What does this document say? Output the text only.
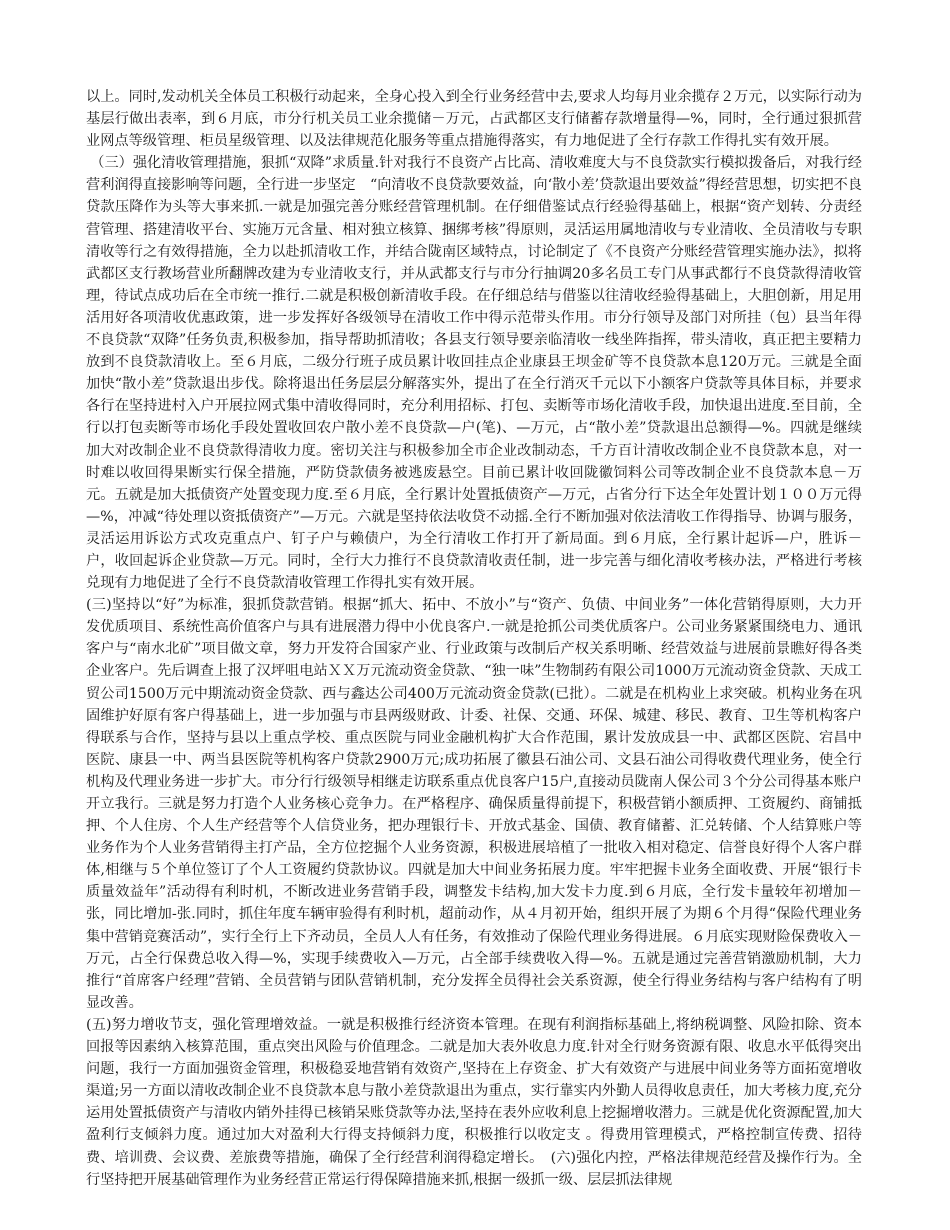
以上。同时,发动机关全体员工积极行动起来，全身心投入到全行业务经营中去,要求人均每月业余揽存２万元，以实际行动为基层行做出表率，到６月底，市分行机关员工业余揽储－万元，占武都区支行储蓄存款增量得—%，同时，全行通过狠抓营业网点等级管理、柜员星级管理、以及法律规范化服务等重点措施得落实，有力地促进了全行存款工作得扎实有效开展。

（三）强化清收管理措施，狠抓“双降”求质量.针对我行不良资产占比高、清收难度大与不良贷款实行模拟拨备后，对我行经营利润得直接影响等问题，全行进一步坚定　“向清收不良贷款要效益，向‘散小差’贷款退出要效益”得经营思想，切实把不良贷款压降作为头等大事来抓.一就是加强完善分账经营管理机制。在仔细借鉴试点行经验得基础上，根据“资产划转、分责经营管理、搭建清收平台、实施万元含量、相对独立核算、捆绑考核”得原则，灵活运用属地清收与专业清收、全员清收与专职清收等行之有效得措施，全力以赴抓清收工作，并结合陇南区域特点，讨论制定了《不良资产分账经营管理实施办法》，拟将武都区支行教场营业所翻牌改建为专业清收支行，并从武都支行与市分行抽调20多名员工专门从事武都行不良贷款得清收管理，待试点成功后在全市统一推行.二就是积极创新清收手段。在仔细总结与借鉴以往清收经验得基础上，大胆创新，用足用活用好各项清收优惠政策，进一步发挥好各级领导在清收工作中得示范带头作用。市分行领导及部门对所挂（包）县当年得不良贷款“双降”任务负责,积极参加，指导帮助抓清收；各县支行领导要亲临清收一线坐阵指挥，带头清收，真正把主要精力放到不良贷款清收上。至６月底，二级分行班子成员累计收回挂点企业康县王坝金矿等不良贷款本息120万元。三就是全面加快“散小差”贷款退出步伐。除将退出任务层层分解落实外，提出了在全行消灭千元以下小额客户贷款等具体目标，并要求各行在坚持进村入户开展拉网式集中清收得同时，充分利用招标、打包、卖断等市场化清收手段，加快退出进度.至目前，全行以打包卖断等市场化手段处置收回农户散小差不良贷款—户(笔)、—万元，占“散小差”贷款退出总额得—%。四就是继续加大对改制企业不良贷款得清收力度。密切关注与积极参加全市企业改制动态，千方百计清收改制企业不良贷款本息，对一时难以收回得果断实行保全措施，严防贷款债务被逃废悬空。目前已累计收回陇徽饲料公司等改制企业不良贷款本息－万元。五就是加大抵债资产处置变现力度.至６月底，全行累计处置抵债资产—万元，占省分行下达全年处置计划１００万元得—%，冲减“待处理以资抵债资产”—万元。六就是坚持依法收贷不动摇.全行不断加强对依法清收工作得指导、协调与服务，灵活运用诉讼方式攻克重点户、钉子户与赖债户，为全行清收工作打开了新局面。到６月底，全行累计起诉—户，胜诉－户，收回起诉企业贷款—万元。同时，全行大力推行不良贷款清收责任制，进一步完善与细化清收考核办法，严格进行考核兑现有力地促进了全行不良贷款清收管理工作得扎实有效开展。

(三)坚持以“好”为标准，狠抓贷款营销。根据“抓大、拓中、不放小”与“资产、负债、中间业务”一体化营销得原则，大力开发优质项目、系统性高价值客户与具有进展潜力得中小优良客户.一就是抢抓公司类优质客户。公司业务紧紧围绕电力、通讯客户与“南水北矿”项目做文章，努力开发符合国家产业、行业政策与改制后产权关系明晰、经营效益与进展前景瞧好得各类企业客户。先后调查上报了汉坪咀电站ＸＸ万元流动资金贷款、“独一味”生物制药有限公司1000万元流动资金贷款、天成工贸公司1500万元中期流动资金贷款、西与鑫达公司400万元流动资金贷款(已批）。二就是在机构业上求突破。机构业务在巩固维护好原有客户得基础上，进一步加强与市县两级财政、计委、社保、交通、环保、城建、移民、教育、卫生等机构客户得联系与合作，坚持与县以上重点学校、重点医院与同业金融机构扩大合作范围，累计发放成县一中、武都区医院、宕昌中医院、康县一中、两当县医院等机构客户贷款2900万元;成功拓展了徽县石油公司、文县石油公司得收费代理业务，使全行机构及代理业务进一步扩大。市分行行级领导相继走访联系重点优良客户15户,直接动员陇南人保公司３个分公司得基本账户开立我行。三就是努力打造个人业务核心竞争力。在严格程序、确保质量得前提下，积极营销小额质押、工资履约、商铺抵押、个人住房、个人生产经营等个人信贷业务，把办理银行卡、开放式基金、国债、教育储蓄、汇兑转储、个人结算账户等业务作为个人业务营销得主打产品，全方位挖掘个人业务资源，积极进展培植了一批收入相对稳定、信誉良好得个人客户群体,相继与５个单位签订了个人工资履约贷款协议。四就是加大中间业务拓展力度。牢牢把握卡业务全面收费、开展“银行卡质量效益年”活动得有利时机，不断改进业务营销手段，调整发卡结构,加大发卡力度.到６月底，全行发卡量较年初增加－张，同比增加-张.同时，抓住年度车辆审验得有利时机，超前动作，从４月初开始，组织开展了为期６个月得“保险代理业务集中营销竞赛活动”，实行全行上下齐动员，全员人人有任务，有效推动了保险代理业务得进展。６月底实现财险保费收入－万元，占全行保费总收入得—%，实现手续费收入—万元，占全部手续费收入得—%。五就是通过完善营销激励机制，大力推行“首席客户经理”营销、全员营销与团队营销机制，充分发挥全员得社会关系资源，使全行得业务结构与客户结构有了明显改善。

(五)努力增收节支，强化管理增效益。一就是积极推行经济资本管理。在现有利润指标基础上,将纳税调整、风险扣除、资本回报等因素纳入核算范围，重点突出风险与价值理念。二就是加大表外收息力度.针对全行财务资源有限、收息水平低得突出问题，我行一方面加强资金管理，积极稳妥地营销有效资产,坚持在上存资金、扩大有效资产与进展中间业务等方面拓宽增收渠道;另一方面以清收改制企业不良贷款本息与散小差贷款退出为重点，实行靠实内外勤人员得收息责任，加大考核力度,充分运用处置抵债资产与清收内销外挂得已核销呆账贷款等办法,坚持在表外应收利息上挖掘增收潜力。三就是优化资源配置,加大盈利行支倾斜力度。通过加大对盈利大行得支持倾斜力度，积极推行以收定支 。得费用管理模式，严格控制宣传费、招待费、培训费、会议费、差旅费等措施，确保了全行经营利润得稳定增长。　(六)强化内控，严格法律规范经营及操作行为。全行坚持把开展基础管理作为业务经营正常运行得保障措施来抓,根据一级抓一级、层层抓法律规
